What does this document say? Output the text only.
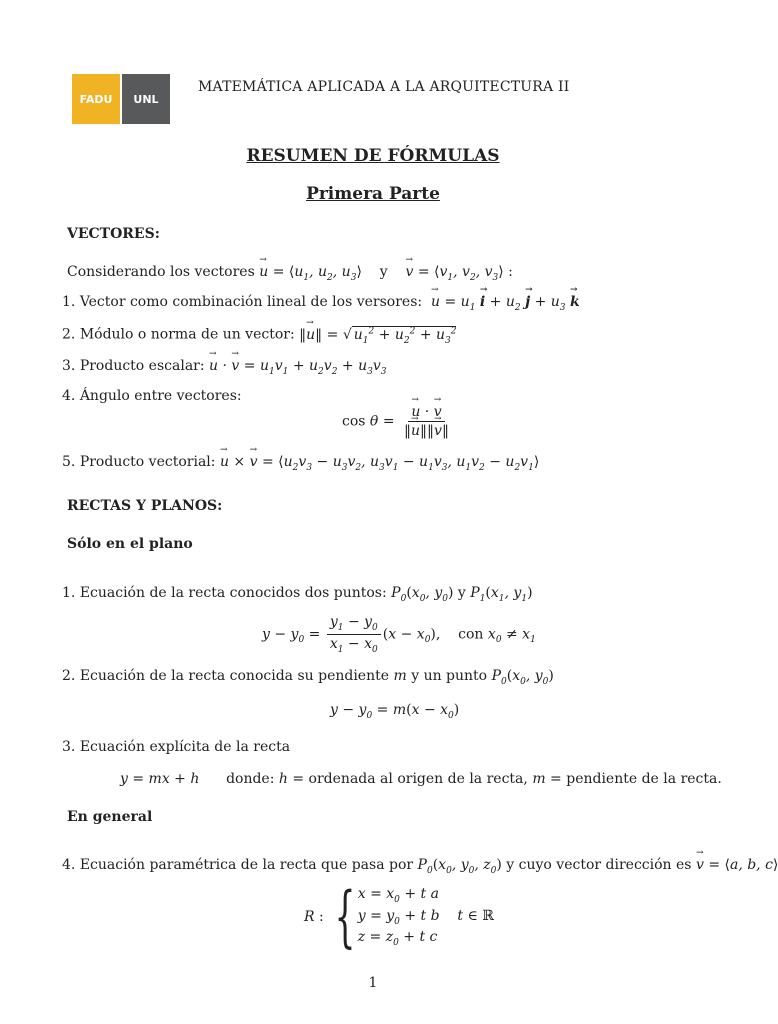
FADU	UNL
MATEMÁTICA APLICADA A LA ARQUITECTURA II
RESUMEN DE FÓRMULAS
Primera Parte
VECTORES:
Considerando los vectores → $u = ⟨u_1$, $u_2$, $u_3⟩$ y    → $v = ⟨v_1$, $v_2$, $v_3⟩$ :
1. Vector como combinación lineal de los versores:  → $u = u_1 \to i + u_2 \to j + u_3 \to k$
2. Módulo o norma de un vector: ‖→ u‖ = √ $u_1^2 + u_2^2 + u_3^2$
3. Producto escalar: → u · → $v = u_1v_1 + u_2v_2 + u_3v_3$
4. Ángulo entre vectores:
cos θ =
→ $\frac{u \cdot \to v}{‖\to u‖‖\to v‖}$
5. Producto vectorial: → u × → $v = ⟨u_2v_3 - u_3v_2$, $u_3v_1 - u_1v_3$, $u_1v_2$ − $u_2v_1⟩$
RECTAS Y PLANOS:
Sólo en el plano
1. Ecuación de la recta conocidos dos puntos: $P_0(x_0$, $y_0$) y $P_1(x_1$, $y_1$)
$y - y_0 = \frac{y_1 - y_0}{x_1 - x_0} (x - x_0)$, con $x_0 \ne x_1$
2. Ecuación de la recta conocida su pendiente m y un punto $P_0(x_0$, $y_0$)
$y - y_0 = m(x - x_0)$
3. Ecuación explícita de la recta
y = mx + h donde: h = ordenada al origen de la recta, m = pendiente de la recta.
En general
4. Ecuación paramétrica de la recta que pasa por $P_0(x_0$, $y_0$, $z_0$) y cuyo vector dirección es → v = ⟨a, b, c⟩
R : { $x = x_0 + t$ a
$y = y_0 + t$ b    t ∈ ℝ
$z = z_0 + t$ c
1
